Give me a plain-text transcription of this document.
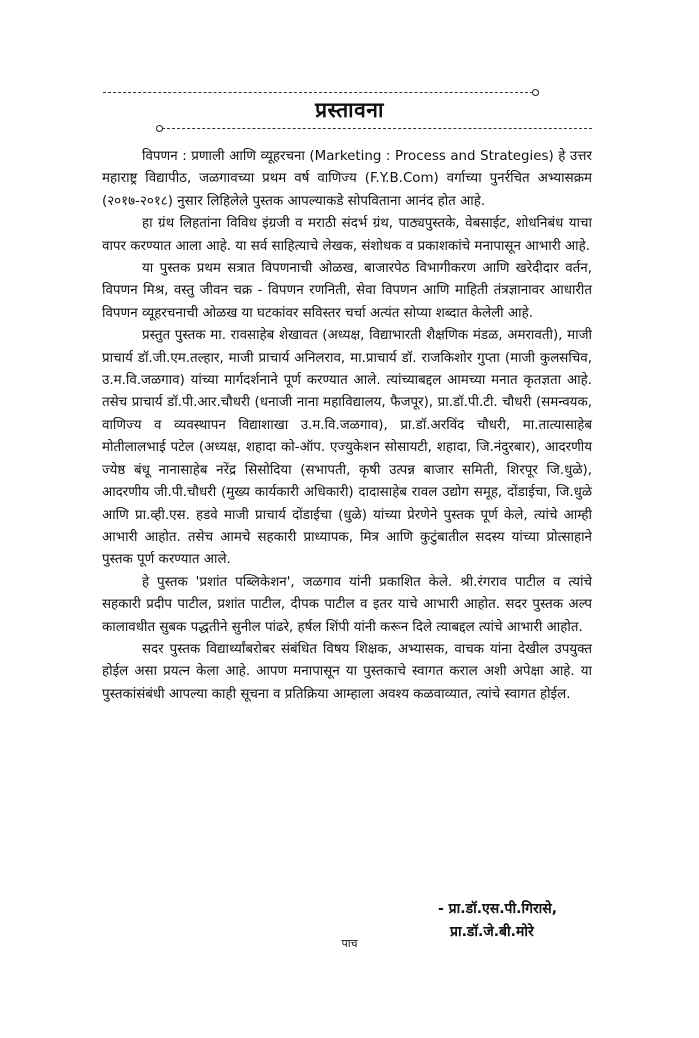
प्रस्तावना

विपणन : प्रणाली आणि व्यूहरचना (Marketing : Process and Strategies) हे उत्तर महाराष्ट्र विद्यापीठ, जळगावच्या प्रथम वर्ष वाणिज्य (F.Y.B.Com) वर्गाच्या पुनर्रचित अभ्यासक्रम (२०१७-२०१८) नुसार लिहिलेले पुस्तक आपल्याकडे सोपविताना आनंद होत आहे.

हा ग्रंथ लिहतांना विविध इंग्रजी व मराठी संदर्भ ग्रंथ, पाठ्यपुस्तके, वेबसाईट, शोधनिबंध याचा वापर करण्यात आला आहे. या सर्व साहित्याचे लेखक, संशोधक व प्रकाशकांचे मनापासून आभारी आहे.

या पुस्तक प्रथम सत्रात विपणनाची ओळख, बाजारपेठ विभागीकरण आणि खरेदीदार वर्तन, विपणन मिश्र, वस्तु जीवन चक्र - विपणन रणनिती, सेवा विपणन आणि माहिती तंत्रज्ञानावर आधारीत विपणन व्यूहरचनाची ओळख या घटकांवर सविस्तर चर्चा अत्यंत सोप्या शब्दात केलेली आहे.

प्रस्तुत पुस्तक मा. रावसाहेब शेखावत (अध्यक्ष, विद्याभारती शैक्षणिक मंडळ, अमरावती), माजी प्राचार्य डॉ.जी.एम.तल्हार, माजी प्राचार्य अनिलराव, मा.प्राचार्य डॉ. राजकिशोर गुप्ता (माजी कुलसचिव, उ.म.वि.जळगाव) यांच्या मार्गदर्शनाने पूर्ण करण्यात आले. त्यांच्याबद्दल आमच्या मनात कृतज्ञता आहे. तसेच प्राचार्य डॉ.पी.आर.चौधरी (धनाजी नाना महाविद्यालय, फैजपूर), प्रा.डॉ.पी.टी. चौधरी (समन्वयक, वाणिज्य व व्यवस्थापन विद्याशाखा उ.म.वि.जळगाव), प्रा.डॉ.अरविंद चौधरी, मा.तात्यासाहेब मोतीलालभाई पटेल (अध्यक्ष, शहादा को-ऑप. एज्युकेशन सोसायटी, शहादा, जि.नंदुरबार), आदरणीय ज्येष्ठ बंधू नानासाहेब नरेंद्र सिसोदिया (सभापती, कृषी उत्पन्न बाजार समिती, शिरपूर जि.धुळे), आदरणीय जी.पी.चौधरी (मुख्य कार्यकारी अधिकारी) दादासाहेब रावल उद्योग समूह, दोंडाईचा, जि.धुळे आणि प्रा.व्ही.एस. हडवे माजी प्राचार्य दोंडाईचा (धुळे) यांच्या प्रेरणेने पुस्तक पूर्ण केले, त्यांचे आम्ही आभारी आहोत. तसेच आमचे सहकारी प्राध्यापक, मित्र आणि कुटुंबातील सदस्य यांच्या प्रोत्साहाने पुस्तक पूर्ण करण्यात आले.

हे पुस्तक 'प्रशांत पब्लिकेशन', जळगाव यांनी प्रकाशित केले. श्री.रंगराव पाटील व त्यांचे सहकारी प्रदीप पाटील, प्रशांत पाटील, दीपक पाटील व इतर याचे आभारी आहोत. सदर पुस्तक अल्प कालावधीत सुबक पद्धतीने सुनील पांढरे, हर्षल शिंपी यांनी करून दिले त्याबद्दल त्यांचे आभारी आहोत.

सदर पुस्तक विद्यार्थ्यांबरोबर संबंधित विषय शिक्षक, अभ्यासक, वाचक यांना देखील उपयुक्त होईल असा प्रयत्न केला आहे. आपण मनापासून या पुस्तकाचे स्वागत कराल अशी अपेक्षा आहे. या पुस्तकांसंबंधी आपल्या काही सूचना व प्रतिक्रिया आम्हाला अवश्य कळवाव्यात, त्यांचे स्वागत होईल.

- प्रा.डॉ.एस.पी.गिरासे,
प्रा.डॉ.जे.बी.मोरे
पाच
